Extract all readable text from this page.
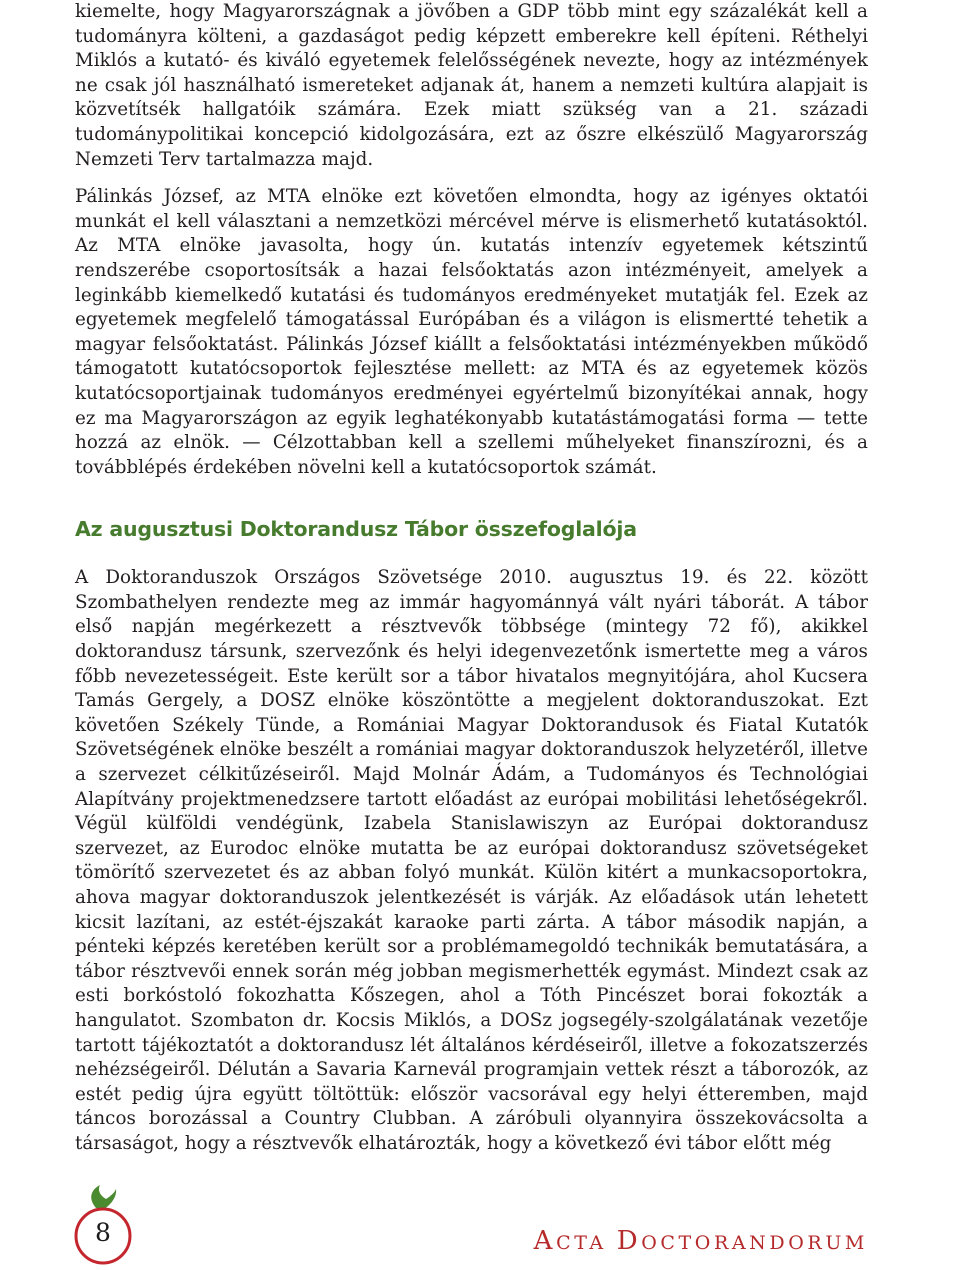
kiemelte, hogy Magyarországnak a jövőben a GDP több mint egy százalékát kell a tudományra költeni, a gazdaságot pedig képzett emberekre kell építeni. Réthelyi Miklós a kutató- és kiváló egyetemek felelősségének nevezte, hogy az intézmények ne csak jól használható ismereteket adjanak át, hanem a nemzeti kultúra alapjait is közvetítsék hallgatóik számára. Ezek miatt szükség van a 21. századi tudománypolitikai koncepció kidolgozására, ezt az őszre elkészülő Magyarország Nemzeti Terv tartalmazza majd.

Pálinkás József, az MTA elnöke ezt követően elmondta, hogy az igényes oktatói munkát el kell választani a nemzetközi mércével mérve is elismerhető kutatásoktól. Az MTA elnöke javasolta, hogy ún. kutatás intenzív egyetemek kétszintű rendszerébe csoportosítsák a hazai felsőoktatás azon intézményeit, amelyek a leginkább kiemelkedő kutatási és tudományos eredményeket mutatják fel. Ezek az egyetemek megfelelő támogatással Európában és a világon is elismertté tehetik a magyar felsőoktatást. Pálinkás József kiállt a felsőoktatási intézményekben működő támogatott kutatócsoportok fejlesztése mellett: az MTA és az egyetemek közös kutatócsoportjainak tudományos eredményei egyértelmű bizonyítékai annak, hogy ez ma Magyarországon az egyik leghatékonyabb kutatástámogatási forma — tette hozzá az elnök. — Célzottabban kell a szellemi műhelyeket finanszírozni, és a továbblépés érdekében növelni kell a kutatócsoportok számát.

Az augusztusi Doktorandusz Tábor összefoglalója

A Doktoranduszok Országos Szövetsége 2010. augusztus 19. és 22. között Szombathelyen rendezte meg az immár hagyománnyá vált nyári táborát. A tábor első napján megérkezett a résztvevők többsége (mintegy 72 fő), akikkel doktorandusz társunk, szervezőnk és helyi idegenvezetőnk ismertette meg a város főbb nevezetességeit. Este került sor a tábor hivatalos megnyitójára, ahol Kucsera Tamás Gergely, a DOSZ elnöke köszöntötte a megjelent doktoranduszokat. Ezt követően Székely Tünde, a Romániai Magyar Doktorandusok és Fiatal Kutatók Szövetségének elnöke beszélt a romániai magyar doktoranduszok helyzetéről, illetve a szervezet célkitűzéseiről. Majd Molnár Ádám, a Tudományos és Technológiai Alapítvány projektmenedzsere tartott előadást az európai mobilitási lehetőségekről. Végül külföldi vendégünk, Izabela Stanislawiszyn az Európai doktorandusz szervezet, az Eurodoc elnöke mutatta be az európai doktorandusz szövetségeket tömörítő szervezetet és az abban folyó munkát. Külön kitért a munkacsoportokra, ahova magyar doktoranduszok jelentkezését is várják. Az előadások után lehetett kicsit lazítani, az estét-éjszakát karaoke parti zárta. A tábor második napján, a pénteki képzés keretében került sor a problémamegoldó technikák bemutatására, a tábor résztvevői ennek során még jobban megismerhették egymást. Mindezt csak az esti borkóstoló fokozhatta Kőszegen, ahol a Tóth Pincészet borai fokozták a hangulatot. Szombaton dr. Kocsis Miklós, a DOSz jogsegély-szolgálatának vezetője tartott tájékoztatót a doktorandusz lét általános kérdéseiről, illetve a fokozatszerzés nehézségeiről. Délután a Savaria Karnevál programjain vettek részt a táborozók, az estét pedig újra együtt töltöttük: először vacsorával egy helyi étteremben, majd táncos borozással a Country Clubban. A záróbuli olyannyira összekovácsolta a társaságot, hogy a résztvevők elhatározták, hogy a következő évi tábor előtt még

8	ACTA DOCTORANDORUM
